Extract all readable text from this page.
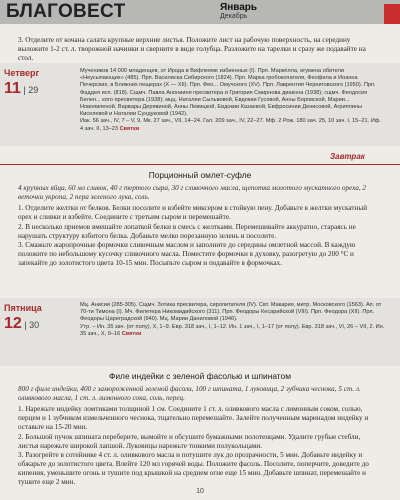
БЛАГОВЕСТ	Январь
Декабрь
3. Отделите от кочана салата крупные верхние листья. Положите лист на рабочую поверхность, на середину выложите 1-2 ст. л. творожной начинки и сверните в виде голубца. Разложите на тарелки и сразу же подавайте на стол.
Четверг
11 | 29
Мучеников 14 000 младенцев, от Ирода в Вифлееме избиенных (I). Прп. Маркéлла, игумена обители «Неусыпающих» (485). Прп. Василиска Сибирского (1824). Прп. Марка гробокопателя, Феофила и Иоанна Печерских, в Ближних пещерах (X — XII). Прп. Фео... Омучского (XV). Прп. Лаврентия Черниговского (1950). Прп. Фаддея исп. (818). Сщмч. Павла Анонииня пресвитера и Григория Смирнова диакона (1938); сщмч. Феодосия Белен... кого пресвитера (1938); мцц. Наталии Сыльвовой, Евдокии Гусевой, Анны Боровской, Марии... Новоявленой, Варвары Дерявиной, Анны Левицкой, Евдокии Казаевой, Евфросинии Денисовой, Агриппины Киселевой и Наталии Сундуковой (1942).
Иак. 56 зач., IV, 7 – V, 9. Мк. 27 зач., VII, 14–24. Гал. 209 зач., IV, 22–27. Мф. 2 Рож. 180 зач. 25, 10 зач. I, 15–21. Иф. 4 зач. II, 13–23 Святки
Завтрак
Порционный омлет-суфле
4 крупных яйца, 60 мл сливок, 40 г тертого сыра, 30 г сливочного масла, щепотка молотого мускатного ореха, 2 веточки укропа, 2 пера зеленого лука, соль.
1. Отделите желтки от белков. Белки посолите и взбейте миксером в стойкую пену. Добавьте в желтки мускатный орех и сливки и взбейте. Соедините с третьим сыром и перемешайте.
2. В несколько приемов вмешайте лопаткой белки в смесь с желтками. Перемешивайте аккуратно, стараясь не нарушать структуру взбитого белка. Добавьте мелко порезанную зелень и посолите.
3. Смажьте жаропрочные формочки сливочным маслом и заполните до середины омлетной массой. В каждую положите по небольшому кусочку сливочного масла. Поместите формочки в духовку, разогретую до 200 °С и запекайте до золотистого цвета 10-15 мин. Посыпьте сыром и подавайте в формочках.
Пятница
12 | 30
Мц. Анисии (285-305). Сщмч. Зотика пресвитера, сиропитателя (IV). Свт. Макария, митр. Московского (1563). Ап. от 70-ти Тимона (I). Мч. Филетера Никомидийского (311). Прп. Феодоры Кесарийской (VIII). Прп. Феодора (XII). Прп. Феодоры Цареградской (940). Мц. Марии Даниловой (1946).
Утр. – Ин. 35 зач. (от полу), X, 1–9. Евр. 318 зач., I, 1–12. Ин. 1 зач., I, 1–17 (от полу). Евр. 318 зач., VI, 26 – VII, 2. Ин. 35 зач., X, 9–16 Святки
Филе индейки с зеленой фасолью и шпинатом
800 г филе индейки, 400 г замороженной зеленой фасоли, 100 г шпината, 1 луковица, 2 зубчика чеснока, 5 ст. л. оливкового масла, 1 ст. л. лимонного сока, соль, перец.
1. Нарежьте индейку ломтиками толщиной 1 см. Соедините 1 ст. л. оливкового масла с лимонным соком, солью, перцем и 1 зубчиком измельченного чеснока, тщательно перемешайте. Залейте полученным маринадом индейку и оставьте на 15-20 мин.
2. Большой пучок шпината переберите, вымойте и обсушите бумажными полотенцами. Удалите грубые стебли, листья нарежьте широкой лапшой. Луковицы нарежьте тонкими полукольцами.
3. Разогрейте в сотейнике 4 ст. л. оливкового масла и потушите лук до прозрачности, 5 мин. Добавьте индейку и обжарьте до золотистого цвета. Влейте 120 мл горячей воды. Положите фасоль. Посолите, поперчите, доведите до кипения, уменьшите огонь и тушите под крышкой на среднем огне еще 15 мин. Добавьте шпинат, перемешайте и тушите еще 2 мин.
10
